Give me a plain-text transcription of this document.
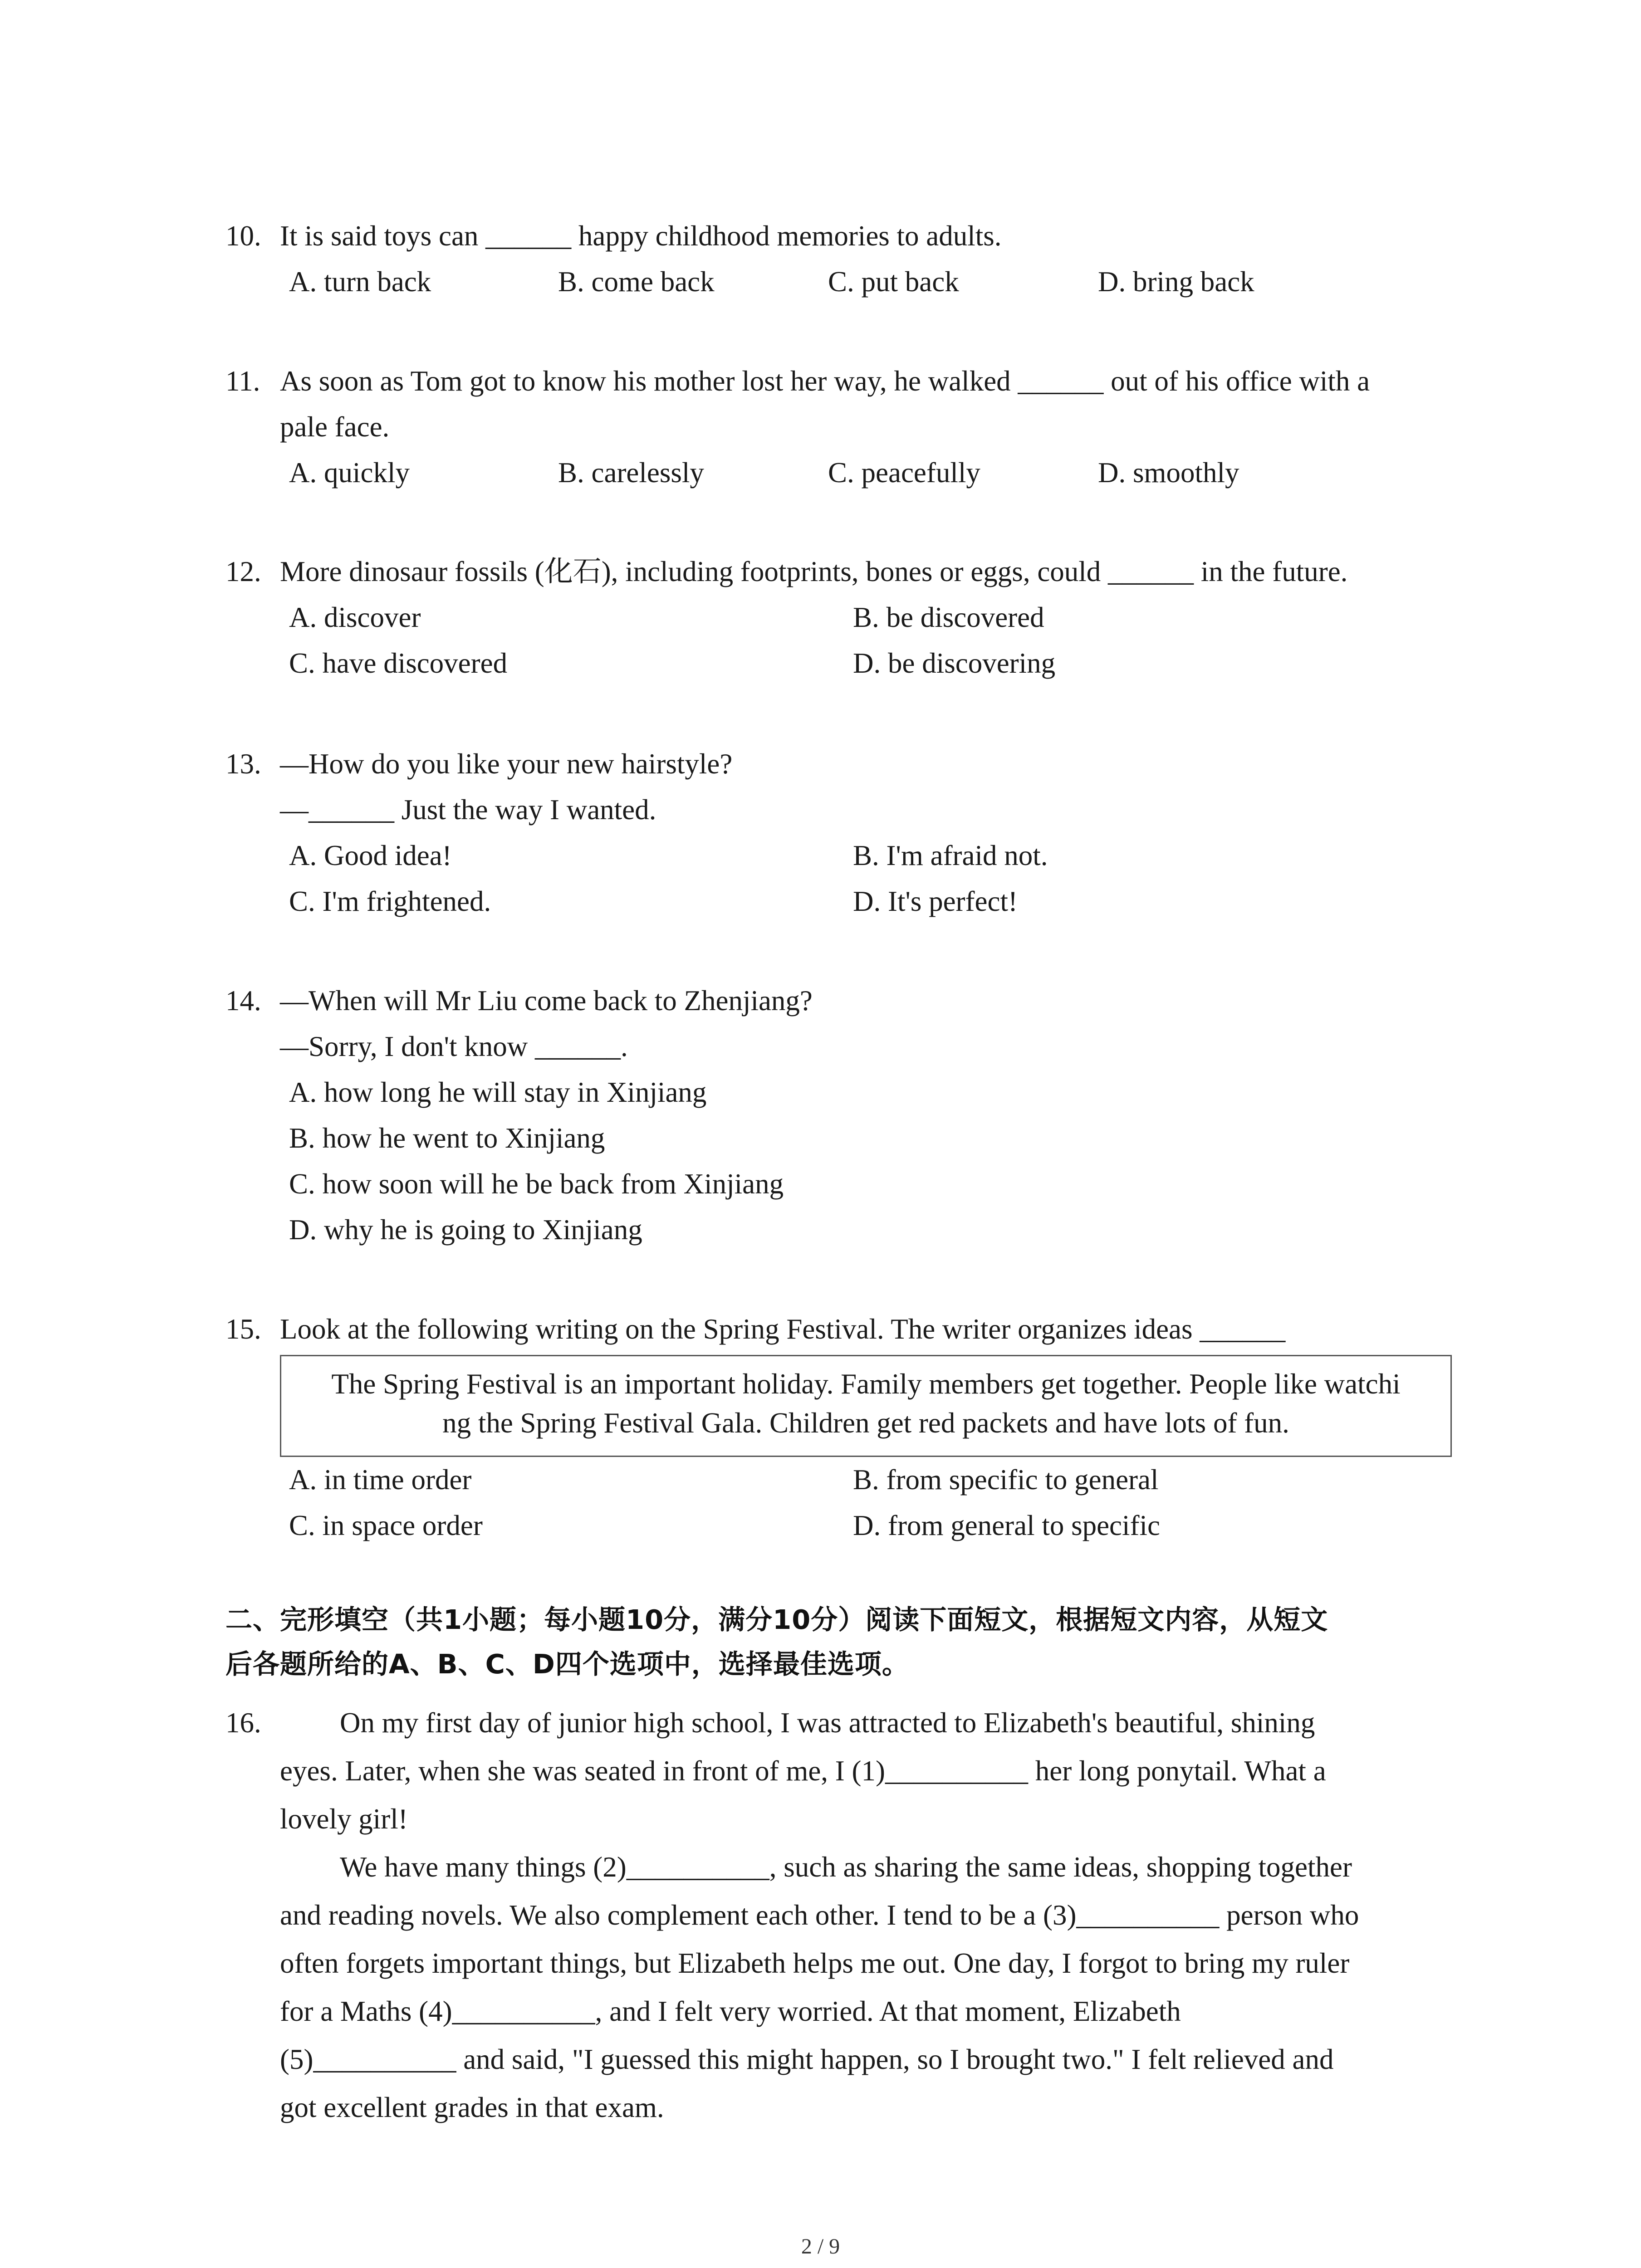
10. It is said toys can ______ happy childhood memories to adults.
A. turn back	B. come back	C. put back	D. bring back
11. As soon as Tom got to know his mother lost her way, he walked ______ out of his office with a
pale face.
A. quickly	B. carelessly	C. peacefully	D. smoothly
12. More dinosaur fossils (化石), including footprints, bones or eggs, could ______ in the future.
A. discover	B. be discovered
C. have discovered	D. be discovering
13. —How do you like your new hairstyle?
—______ Just the way I wanted.
A. Good idea!	B. I'm afraid not.
C. I'm frightened.	D. It's perfect!
14. —When will Mr Liu come back to Zhenjiang?
—Sorry, I don't know ______.
A. how long he will stay in Xinjiang
B. how he went to Xinjiang
C. how soon will he be back from Xinjiang
D. why he is going to Xinjiang
15. Look at the following writing on the Spring Festival. The writer organizes ideas ______
The Spring Festival is an important holiday. Family members get together. People like watchi
ng the Spring Festival Gala. Children get red packets and have lots of fun.
A. in time order	B. from specific to general
C. in space order	D. from general to specific
二、完形填空（共1小题；每小题10分，满分10分）阅读下面短文，根据短文内容，从短文
后各题所给的A、B、C、D四个选项中，选择最佳选项。
16.	On my first day of junior high school, I was attracted to Elizabeth's beautiful, shining
eyes. Later, when she was seated in front of me, I (1)__________ her long ponytail. What a
lovely girl!
We have many things (2)__________, such as sharing the same ideas, shopping together
and reading novels. We also complement each other. I tend to be a (3)__________ person who
often forgets important things, but Elizabeth helps me out. One day, I forgot to bring my ruler
for a Maths (4)__________, and I felt very worried. At that moment, Elizabeth
(5)__________ and said, "I guessed this might happen, so I brought two." I felt relieved and
got excellent grades in that exam.
2 / 9
